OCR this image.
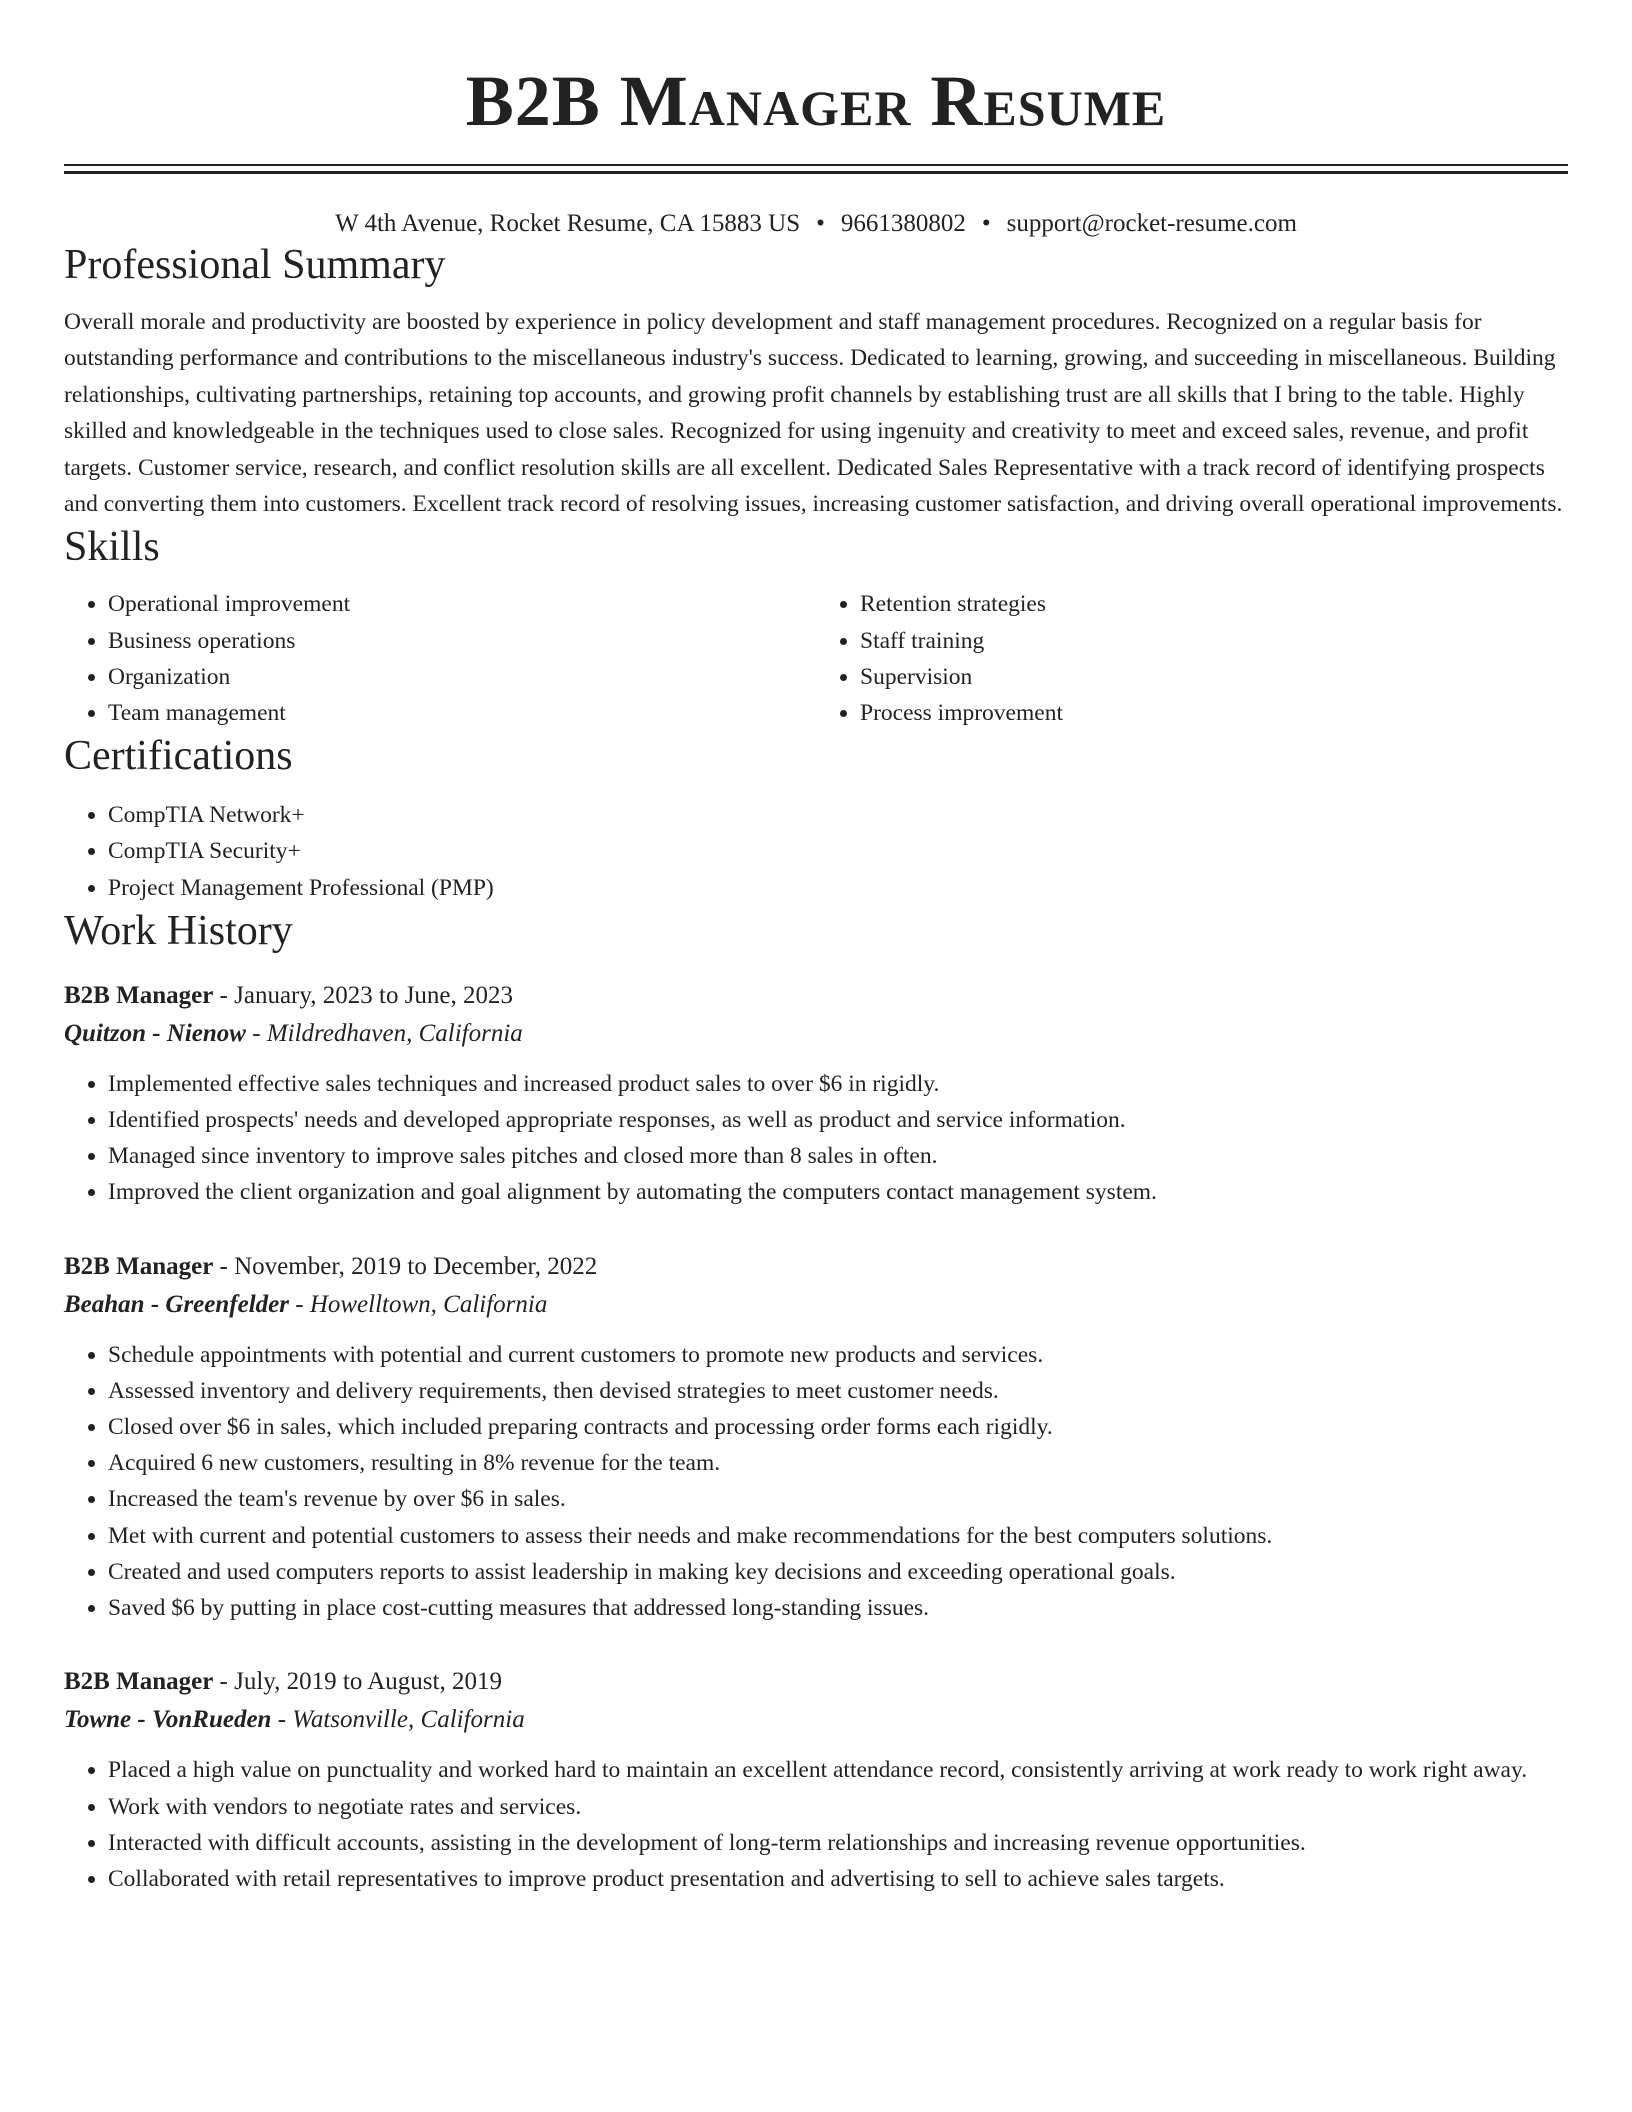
B2B Manager Resume
W 4th Avenue, Rocket Resume, CA 15883 US • 9661380802 • support@rocket-resume.com
Professional Summary

Overall morale and productivity are boosted by experience in policy development and staff management procedures. Recognized on a regular basis for outstanding performance and contributions to the miscellaneous industry's success. Dedicated to learning, growing, and succeeding in miscellaneous. Building relationships, cultivating partnerships, retaining top accounts, and growing profit channels by establishing trust are all skills that I bring to the table. Highly skilled and knowledgeable in the techniques used to close sales. Recognized for using ingenuity and creativity to meet and exceed sales, revenue, and profit targets. Customer service, research, and conflict resolution skills are all excellent. Dedicated Sales Representative with a track record of identifying prospects and converting them into customers. Excellent track record of resolving issues, increasing customer satisfaction, and driving overall operational improvements.

Skills
• Operational improvement
• Business operations
• Organization
• Team management
• Retention strategies
• Staff training
• Supervision
• Process improvement
Certifications
• CompTIA Network+
• CompTIA Security+
• Project Management Professional (PMP)
Work History
B2B Manager - January, 2023 to June, 2023
Quitzon - Nienow - Mildredhaven, California
• Implemented effective sales techniques and increased product sales to over $6 in rigidly.
• Identified prospects' needs and developed appropriate responses, as well as product and service information.
• Managed since inventory to improve sales pitches and closed more than 8 sales in often.
• Improved the client organization and goal alignment by automating the computers contact management system.
B2B Manager - November, 2019 to December, 2022
Beahan - Greenfelder - Howelltown, California
• Schedule appointments with potential and current customers to promote new products and services.
• Assessed inventory and delivery requirements, then devised strategies to meet customer needs.
• Closed over $6 in sales, which included preparing contracts and processing order forms each rigidly.
• Acquired 6 new customers, resulting in 8% revenue for the team.
• Increased the team's revenue by over $6 in sales.
• Met with current and potential customers to assess their needs and make recommendations for the best computers solutions.
• Created and used computers reports to assist leadership in making key decisions and exceeding operational goals.
• Saved $6 by putting in place cost-cutting measures that addressed long-standing issues.
B2B Manager - July, 2019 to August, 2019
Towne - VonRueden - Watsonville, California
• Placed a high value on punctuality and worked hard to maintain an excellent attendance record, consistently arriving at work ready to work right away.
• Work with vendors to negotiate rates and services.
• Interacted with difficult accounts, assisting in the development of long-term relationships and increasing revenue opportunities.
• Collaborated with retail representatives to improve product presentation and advertising to sell to achieve sales targets.
